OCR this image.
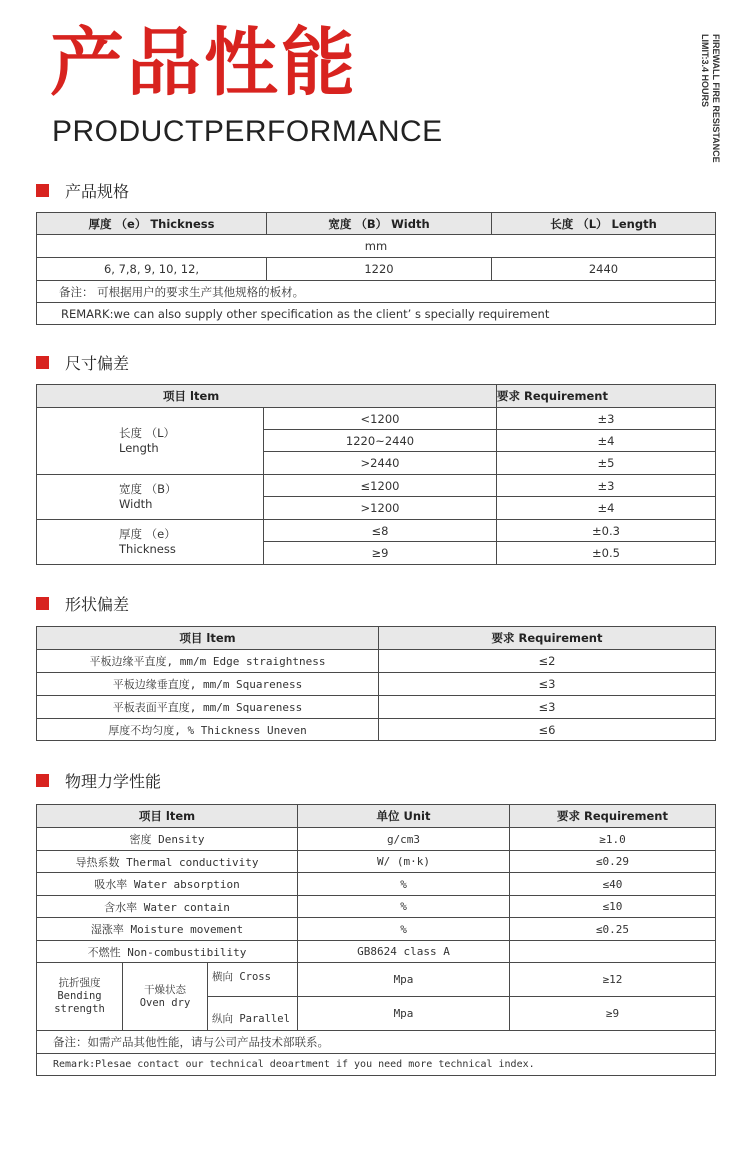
产品性能
PRODUCTPERFORMANCE	FIREWALL FIRE RESISTANCE
LIMIT:3.4 HOURS
产品规格
厚度 （e） Thickness	宽度 （B） Width	长度 （L） Length
mm		
6, 7,8, 9, 10, 12,	1220	2440
备注： 可根据用户的要求生产其他规格的板材。		
REMARK:we can also supply other specification as the client’ s specially requirement		
尺寸偏差
项目 ltem		要求 Requirement
长度 （L）
Length	<1200	±3
	1220~2440	±4
	>2440	±5
宽度 （B）
Width	≤1200	±3
	>1200	±4
厚度 （e）
Thickness	≤8	±0.3
	≥9	±0.5
形状偏差
项目 ltem	要求 Requirement
平板边缘平直度, mm/m Edge straightness	≤2
平板边缘垂直度, mm/m Squareness	≤3
平板表面平直度, mm/m Squareness	≤3
厚度不均匀度, % Thickness Uneven	≤6
物理力学性能
项目 ltem			单位 Unit	要求 Requirement
密度 Density			g/cm3	≥1.0
导热系数 Thermal conductivity			W/ (m·k)	≤0.29
吸水率 Water absorption			%	≤40
含水率 Water contain			%	≤10
湿涨率 Moisture movement			%	≤0.25
不燃性 Non-combustibility			GB8624 class A	
抗折强度
Bending
strength	干燥状态
Oven dry	横向 Cross	Mpa	≥12
		纵向 Parallel	Mpa	≥9
备注：如需产品其他性能，请与公司产品技术部联系。				
Remark:Plesae contact our technical deoartment if you need more technical index.				
